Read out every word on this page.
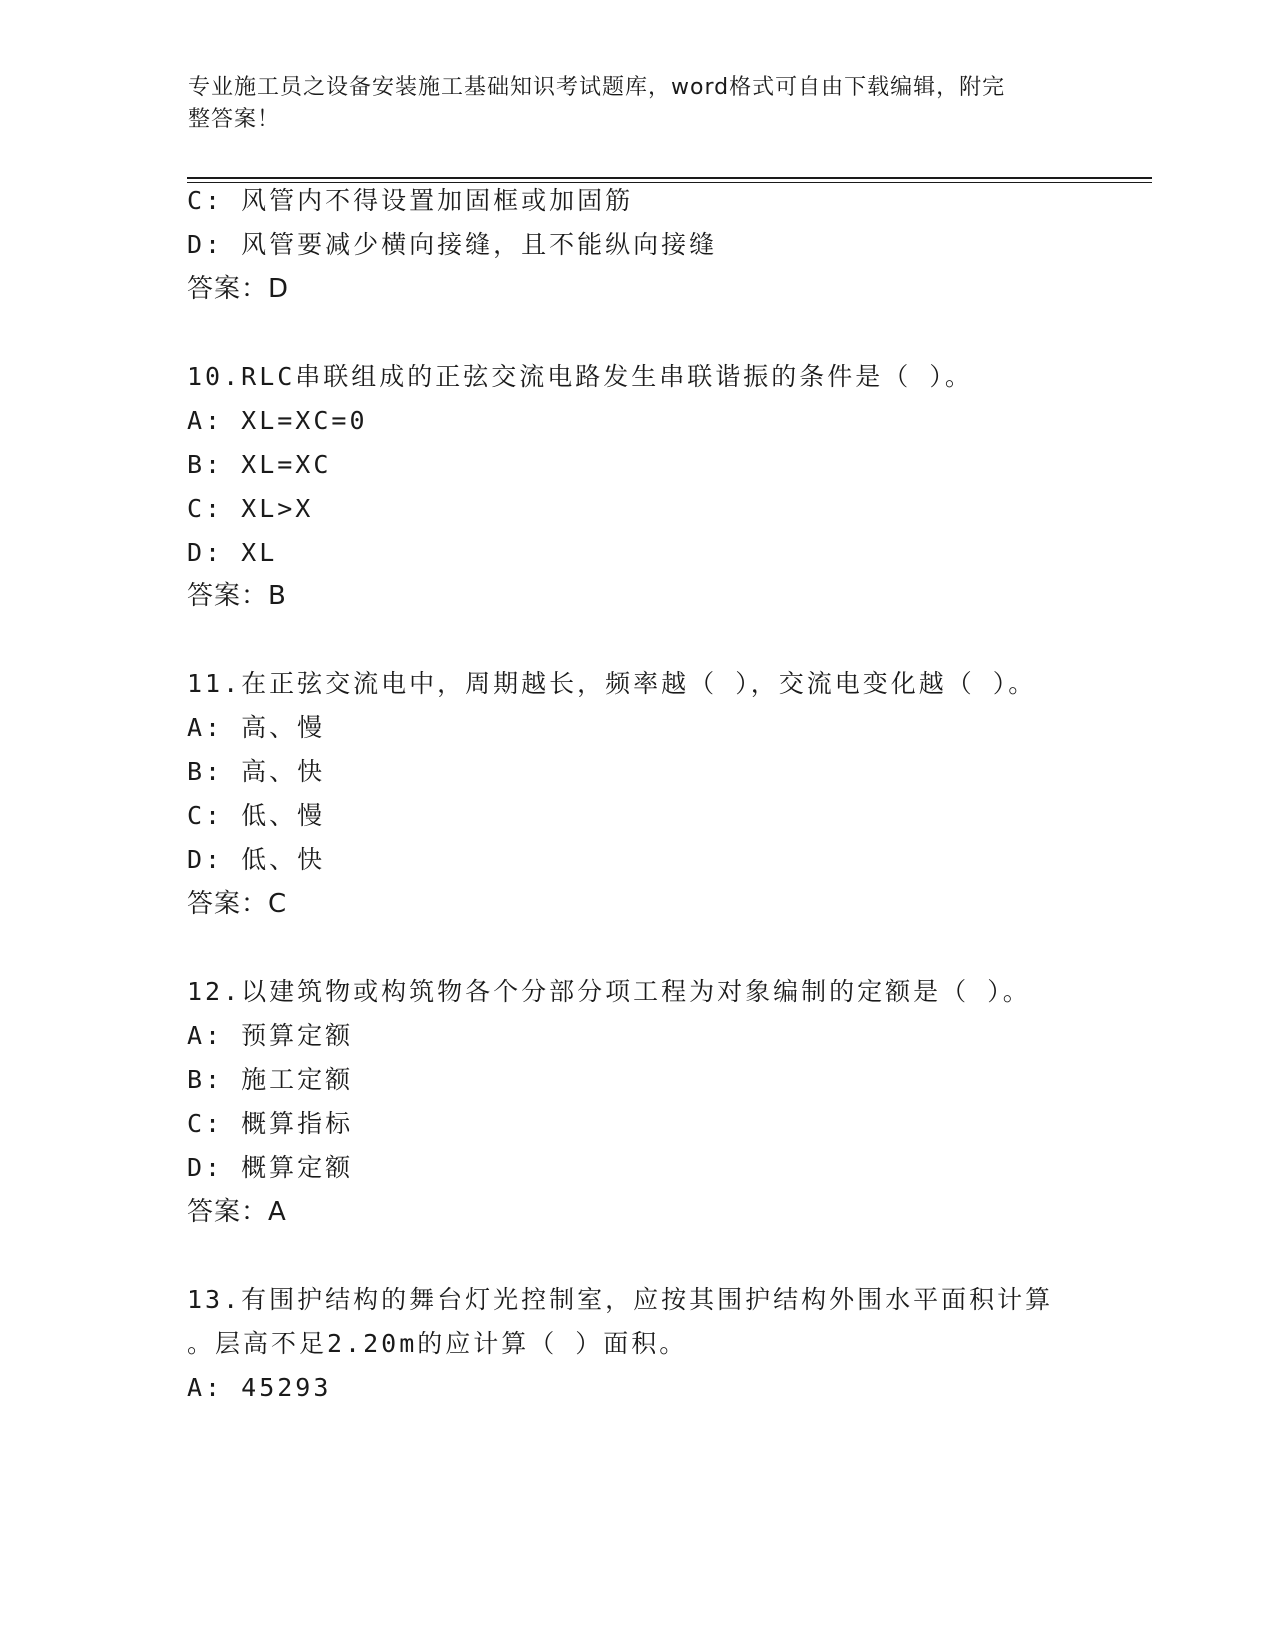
专业施工员之设备安装施工基础知识考试题库，word格式可自由下载编辑，附完
整答案！
C: 风管内不得设置加固框或加固筋
D: 风管要减少横向接缝，且不能纵向接缝
答案：D
10.RLC串联组成的正弦交流电路发生串联谐振的条件是（ ）。
A: XL=XC=0
B: XL=XC
C: XL>X
D: XL
答案：B
11.在正弦交流电中，周期越长，频率越（ ），交流电变化越（ ）。
A: 高、慢
B: 高、快
C: 低、慢
D: 低、快
答案：C
12.以建筑物或构筑物各个分部分项工程为对象编制的定额是（ ）。
A: 预算定额
B: 施工定额
C: 概算指标
D: 概算定额
答案：A
13.有围护结构的舞台灯光控制室，应按其围护结构外围水平面积计算
。层高不足2.20m的应计算（ ）面积。
A: 45293
